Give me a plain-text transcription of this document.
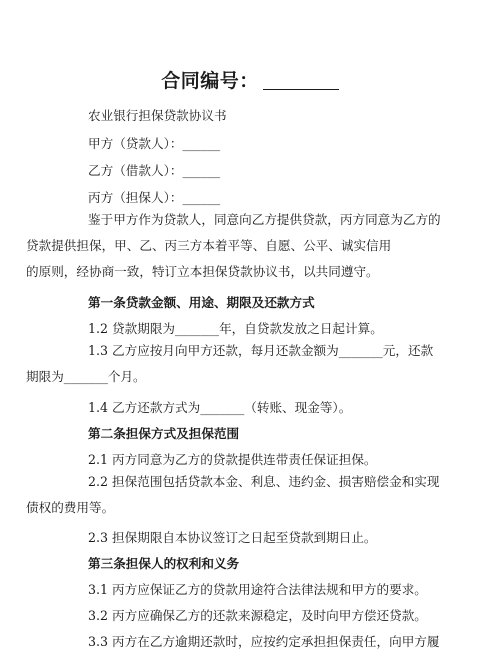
合同编号：
农业银行担保贷款协议书
甲方（贷款人）：______
乙方（借款人）：______
丙方（担保人）：______
鉴于甲方作为贷款人，同意向乙方提供贷款，丙方同意为乙方的
贷款提供担保，甲、乙、丙三方本着平等、自愿、公平、诚实信用
的原则，经协商一致，特订立本担保贷款协议书，以共同遵守。
第一条贷款金额、用途、期限及还款方式
1.2 贷款期限为_______年，自贷款发放之日起计算。
1.3 乙方应按月向甲方还款，每月还款金额为_______元，还款
期限为_______个月。
1.4 乙方还款方式为_______（转账、现金等）。
第二条担保方式及担保范围
2.1 丙方同意为乙方的贷款提供连带责任保证担保。
2.2 担保范围包括贷款本金、利息、违约金、损害赔偿金和实现
债权的费用等。
2.3 担保期限自本协议签订之日起至贷款到期日止。
第三条担保人的权利和义务
3.1 丙方应保证乙方的贷款用途符合法律法规和甲方的要求。
3.2 丙方应确保乙方的还款来源稳定，及时向甲方偿还贷款。
3.3 丙方在乙方逾期还款时，应按约定承担担保责任，向甲方履
